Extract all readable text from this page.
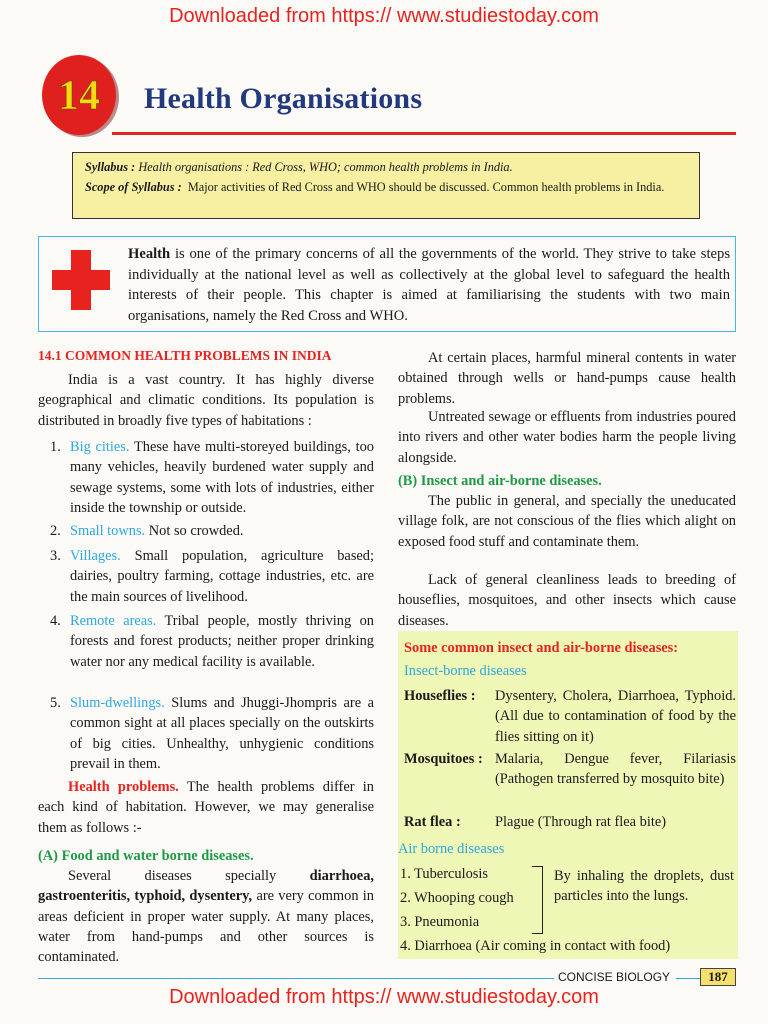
Downloaded from https:// www.studiestoday.com
14 Health Organisations

Syllabus : Health organisations : Red Cross, WHO; common health problems in India.

Scope of Syllabus : Major activities of Red Cross and WHO should be discussed. Common health problems in India.

Health is one of the primary concerns of all the governments of the world. They strive to take steps individually at the national level as well as collectively at the global level to safeguard the health interests of their people. This chapter is aimed at familiarising the students with two main organisations, namely the Red Cross and WHO.
14.1 COMMON HEALTH PROBLEMS IN INDIA
India is a vast country. It has highly diverse geographical and climatic conditions. Its population is distributed in broadly five types of habitations :
1. Big cities. These have multi-storeyed buildings, too many vehicles, heavily burdened water supply and sewage systems, some with lots of industries, either inside the township or outside.
2. Small towns. Not so crowded.
3. Villages. Small population, agriculture based; dairies, poultry farming, cottage industries, etc. are the main sources of livelihood.
4. Remote areas. Tribal people, mostly thriving on forests and forest products; neither proper drinking water nor any medical facility is available.
5. Slum-dwellings. Slums and Jhuggi-Jhompris are a common sight at all places specially on the outskirts of big cities. Unhealthy, unhygienic conditions prevail in them.
Health problems. The health problems differ in each kind of habitation. However, we may generalise them as follows :-
(A) Food and water borne diseases.
Several diseases specially diarrhoea, gastroenteritis, typhoid, dysentery, are very common in areas deficient in proper water supply. At many places, water from hand-pumps and other sources is contaminated.
At certain places, harmful mineral contents in water obtained through wells or hand-pumps cause health problems.
Untreated sewage or effluents from industries poured into rivers and other water bodies harm the people living alongside.
(B) Insect and air-borne diseases.
The public in general, and specially the uneducated village folk, are not conscious of the flies which alight on exposed food stuff and contaminate them.
Lack of general cleanliness leads to breeding of houseflies, mosquitoes, and other insects which cause diseases.
Some common insect and air-borne diseases:
Insect-borne diseases
Houseflies : Dysentery, Cholera, Diarrhoea, Typhoid. (All due to contamination of food by the flies sitting on it)
Mosquitoes : Malaria, Dengue fever, Filariasis (Pathogen transferred by mosquito bite)
Rat flea : Plague (Through rat flea bite)
Air borne diseases
1. Tuberculosis
2. Whooping cough
3. Pneumonia
4. Diarrhoea (Air coming in contact with food)
By inhaling the droplets, dust particles into the lungs.
CONCISE BIOLOGY	187
Downloaded from https:// www.studiestoday.com
